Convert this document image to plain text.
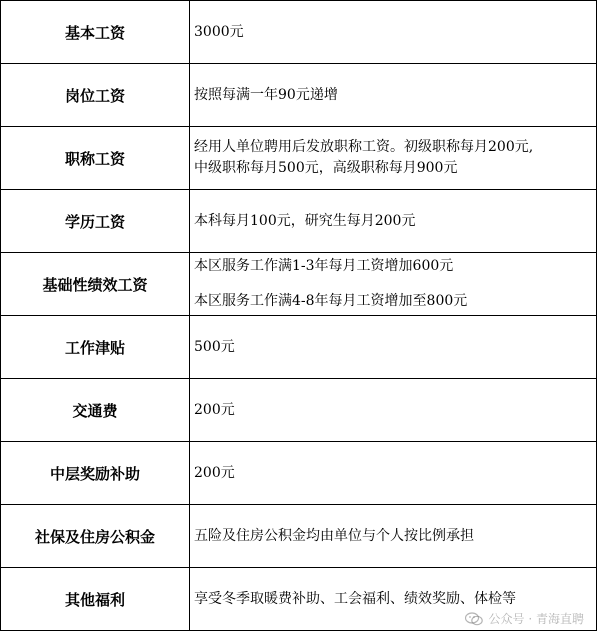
基本工资	3000元
岗位工资	按照每满一年90元递增
职称工资	经用人单位聘用后发放职称工资。初级职称每月200元,
中级职称每月500元，高级职称每月900元

学历工资	本科每月100元，研究生每月200元
基础性绩效工资	本区服务工作满1-3年每月工资增加600元
本区服务工作满4-8年每月工资增加至800元

工作津贴	500元
交通费	200元
中层奖励补助	200元
社保及住房公积金	五险及住房公积金均由单位与个人按比例承担
其他福利	享受冬季取暖费补助、工会福利、绩效奖励、体检等
公众号 · 青海直聘
